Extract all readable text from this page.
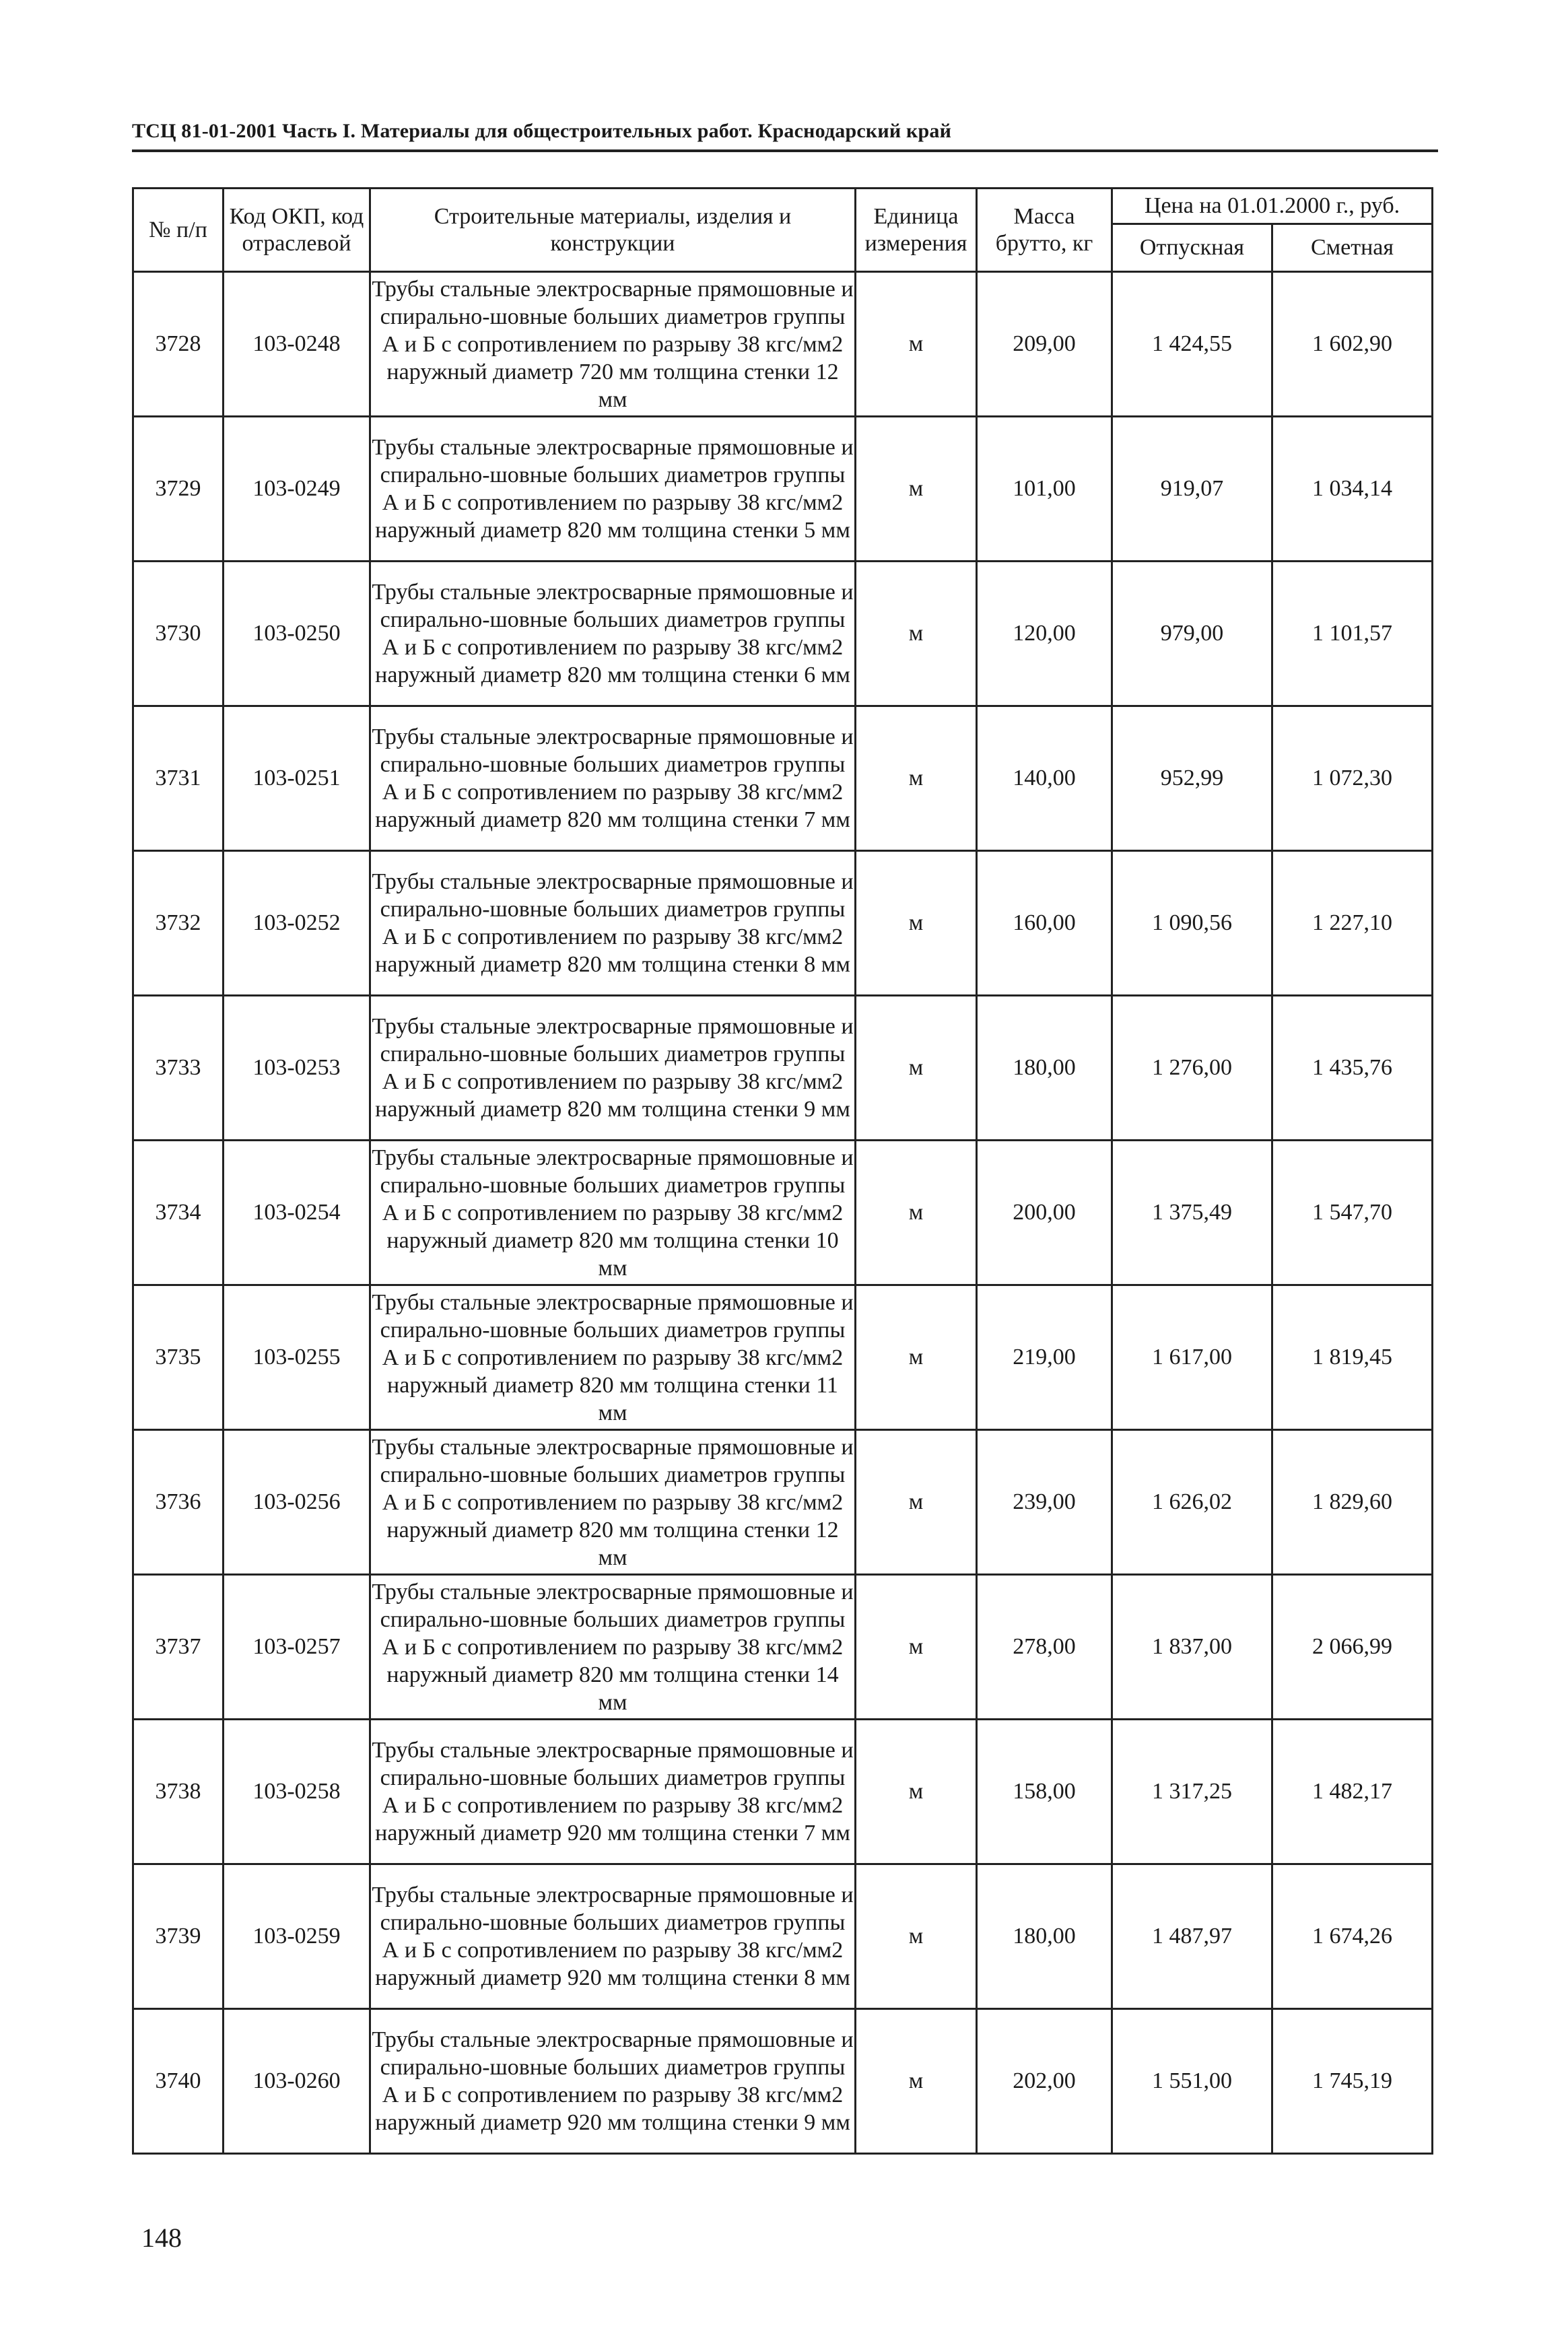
ТСЦ 81-01-2001 Часть I. Материалы для общестроительных работ. Краснодарский край
№ п/п	Код ОКП, код отраслевой	Строительные материалы, изделия и конструкции	Единица измерения	Масса брутто, кг	Цена на 01.01.2000 г., руб.	
					Отпускная	Сметная
3728	103-0248	Трубы стальные электросварные прямошовные и спирально-шовные больших диаметров группы А и Б с сопротивлением по разрыву 38 кгс/мм2 наружный диаметр 720 мм толщина стенки 12 мм	м	209,00	1 424,55	1 602,90
3729	103-0249	Трубы стальные электросварные прямошовные и спирально-шовные больших диаметров группы А и Б с сопротивлением по разрыву 38 кгс/мм2 наружный диаметр 820 мм толщина стенки 5 мм	м	101,00	919,07	1 034,14
3730	103-0250	Трубы стальные электросварные прямошовные и спирально-шовные больших диаметров группы А и Б с сопротивлением по разрыву 38 кгс/мм2 наружный диаметр 820 мм толщина стенки 6 мм	м	120,00	979,00	1 101,57
3731	103-0251	Трубы стальные электросварные прямошовные и спирально-шовные больших диаметров группы А и Б с сопротивлением по разрыву 38 кгс/мм2 наружный диаметр 820 мм толщина стенки 7 мм	м	140,00	952,99	1 072,30
3732	103-0252	Трубы стальные электросварные прямошовные и спирально-шовные больших диаметров группы А и Б с сопротивлением по разрыву 38 кгс/мм2 наружный диаметр 820 мм толщина стенки 8 мм	м	160,00	1 090,56	1 227,10
3733	103-0253	Трубы стальные электросварные прямошовные и спирально-шовные больших диаметров группы А и Б с сопротивлением по разрыву 38 кгс/мм2 наружный диаметр 820 мм толщина стенки 9 мм	м	180,00	1 276,00	1 435,76
3734	103-0254	Трубы стальные электросварные прямошовные и спирально-шовные больших диаметров группы А и Б с сопротивлением по разрыву 38 кгс/мм2 наружный диаметр 820 мм толщина стенки 10 мм	м	200,00	1 375,49	1 547,70
3735	103-0255	Трубы стальные электросварные прямошовные и спирально-шовные больших диаметров группы А и Б с сопротивлением по разрыву 38 кгс/мм2 наружный диаметр 820 мм толщина стенки 11 мм	м	219,00	1 617,00	1 819,45
3736	103-0256	Трубы стальные электросварные прямошовные и спирально-шовные больших диаметров группы А и Б с сопротивлением по разрыву 38 кгс/мм2 наружный диаметр 820 мм толщина стенки 12 мм	м	239,00	1 626,02	1 829,60
3737	103-0257	Трубы стальные электросварные прямошовные и спирально-шовные больших диаметров группы А и Б с сопротивлением по разрыву 38 кгс/мм2 наружный диаметр 820 мм толщина стенки 14 мм	м	278,00	1 837,00	2 066,99
3738	103-0258	Трубы стальные электросварные прямошовные и спирально-шовные больших диаметров группы А и Б с сопротивлением по разрыву 38 кгс/мм2 наружный диаметр 920 мм толщина стенки 7 мм	м	158,00	1 317,25	1 482,17
3739	103-0259	Трубы стальные электросварные прямошовные и спирально-шовные больших диаметров группы А и Б с сопротивлением по разрыву 38 кгс/мм2 наружный диаметр 920 мм толщина стенки 8 мм	м	180,00	1 487,97	1 674,26
3740	103-0260	Трубы стальные электросварные прямошовные и спирально-шовные больших диаметров группы А и Б с сопротивлением по разрыву 38 кгс/мм2 наружный диаметр 920 мм толщина стенки 9 мм	м	202,00	1 551,00	1 745,19
148
